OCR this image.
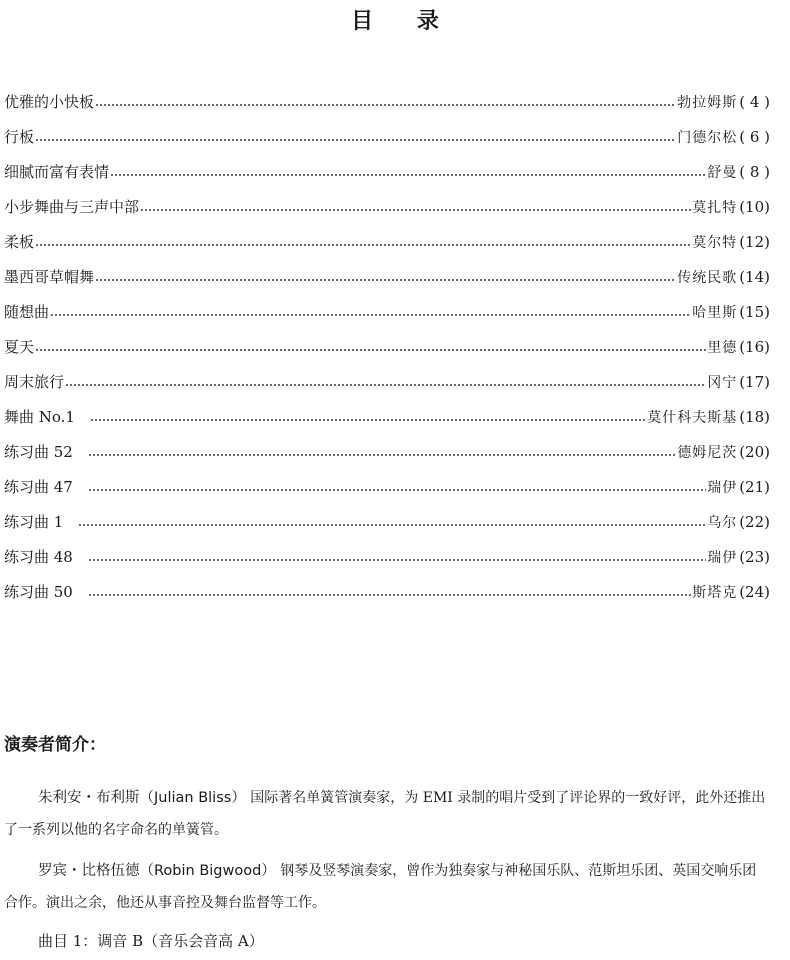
目 录
优雅的小快板	勃拉姆斯 ( 4 )
行板	门德尔松 ( 6 )
细腻而富有表情	舒曼 ( 8 )
小步舞曲与三声中部	莫扎特 (10)
柔板	莫尔特 (12)
墨西哥草帽舞	传统民歌 (14)
随想曲	哈里斯 (15)
夏天	里德 (16)
周末旅行	冈宁 (17)
舞曲 No.1	莫什科夫斯基 (18)
练习曲 52	德姆尼茨 (20)
练习曲 47	瑞伊 (21)
练习曲 1	乌尔 (22)
练习曲 48	瑞伊 (23)
练习曲 50	斯塔克 (24)
演奏者简介：
朱利安・布利斯（Julian Bliss） 国际著名单簧管演奏家，为 EMI 录制的唱片受到了评论界的一致好评，此外还推出了一系列以他的名字命名的单簧管。
罗宾・比格伍德（Robin Bigwood） 钢琴及竖琴演奏家，曾作为独奏家与神秘国乐队、范斯坦乐团、英国交响乐团合作。演出之余，他还从事音控及舞台监督等工作。
曲目 1：调音 B（音乐会音高 A）
